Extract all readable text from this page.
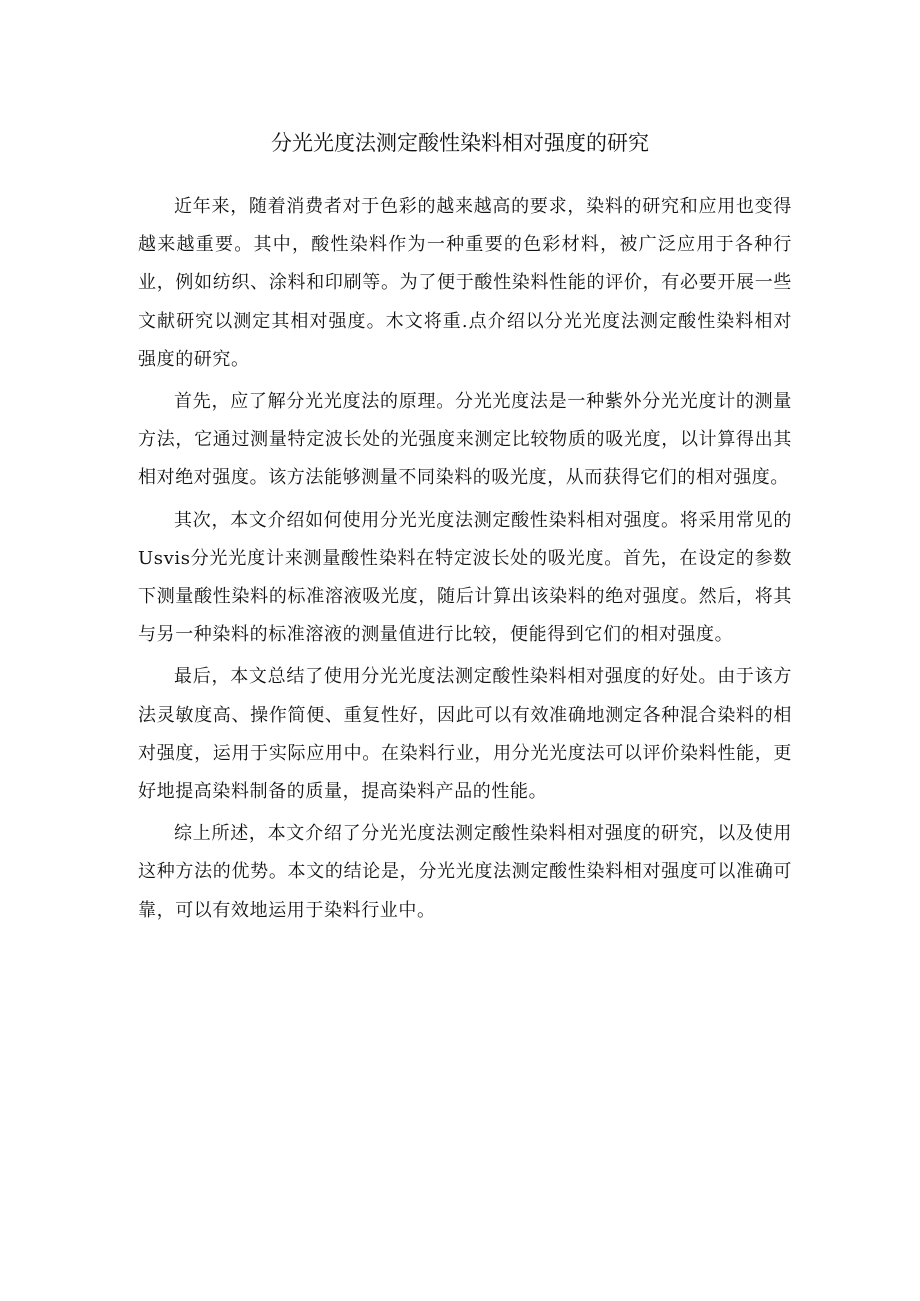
分光光度法测定酸性染料相对强度的研究

近年来，随着消费者对于色彩的越来越高的要求，染料的研究和应用也变得越来越重要。其中，酸性染料作为一种重要的色彩材料，被广泛应用于各种行业，例如纺织、涂料和印刷等。为了便于酸性染料性能的评价，有必要开展一些文献研究以测定其相对强度。木文将重.点介绍以分光光度法测定酸性染料相对强度的研究。

首先，应了解分光光度法的原理。分光光度法是一种紫外分光光度计的测量方法，它通过测量特定波长处的光强度来测定比较物质的吸光度，以计算得出其相对绝对强度。该方法能够测量不同染料的吸光度，从而获得它们的相对强度。

其次，本文介绍如何使用分光光度法测定酸性染料相对强度。将采用常见的Usvis分光光度计来测量酸性染料在特定波长处的吸光度。首先，在设定的参数下测量酸性染料的标准溶液吸光度，随后计算出该染料的绝对强度。然后，将其与另一种染料的标准溶液的测量值进行比较，便能得到它们的相对强度。

最后，本文总结了使用分光光度法测定酸性染料相对强度的好处。由于该方法灵敏度高、操作简便、重复性好，因此可以有效准确地测定各种混合染料的相对强度，运用于实际应用中。在染料行业，用分光光度法可以评价染料性能，更好地提高染料制备的质量，提高染料产品的性能。

综上所述，本文介绍了分光光度法测定酸性染料相对强度的研究，以及使用这种方法的优势。本文的结论是，分光光度法测定酸性染料相对强度可以准确可靠，可以有效地运用于染料行业中。
